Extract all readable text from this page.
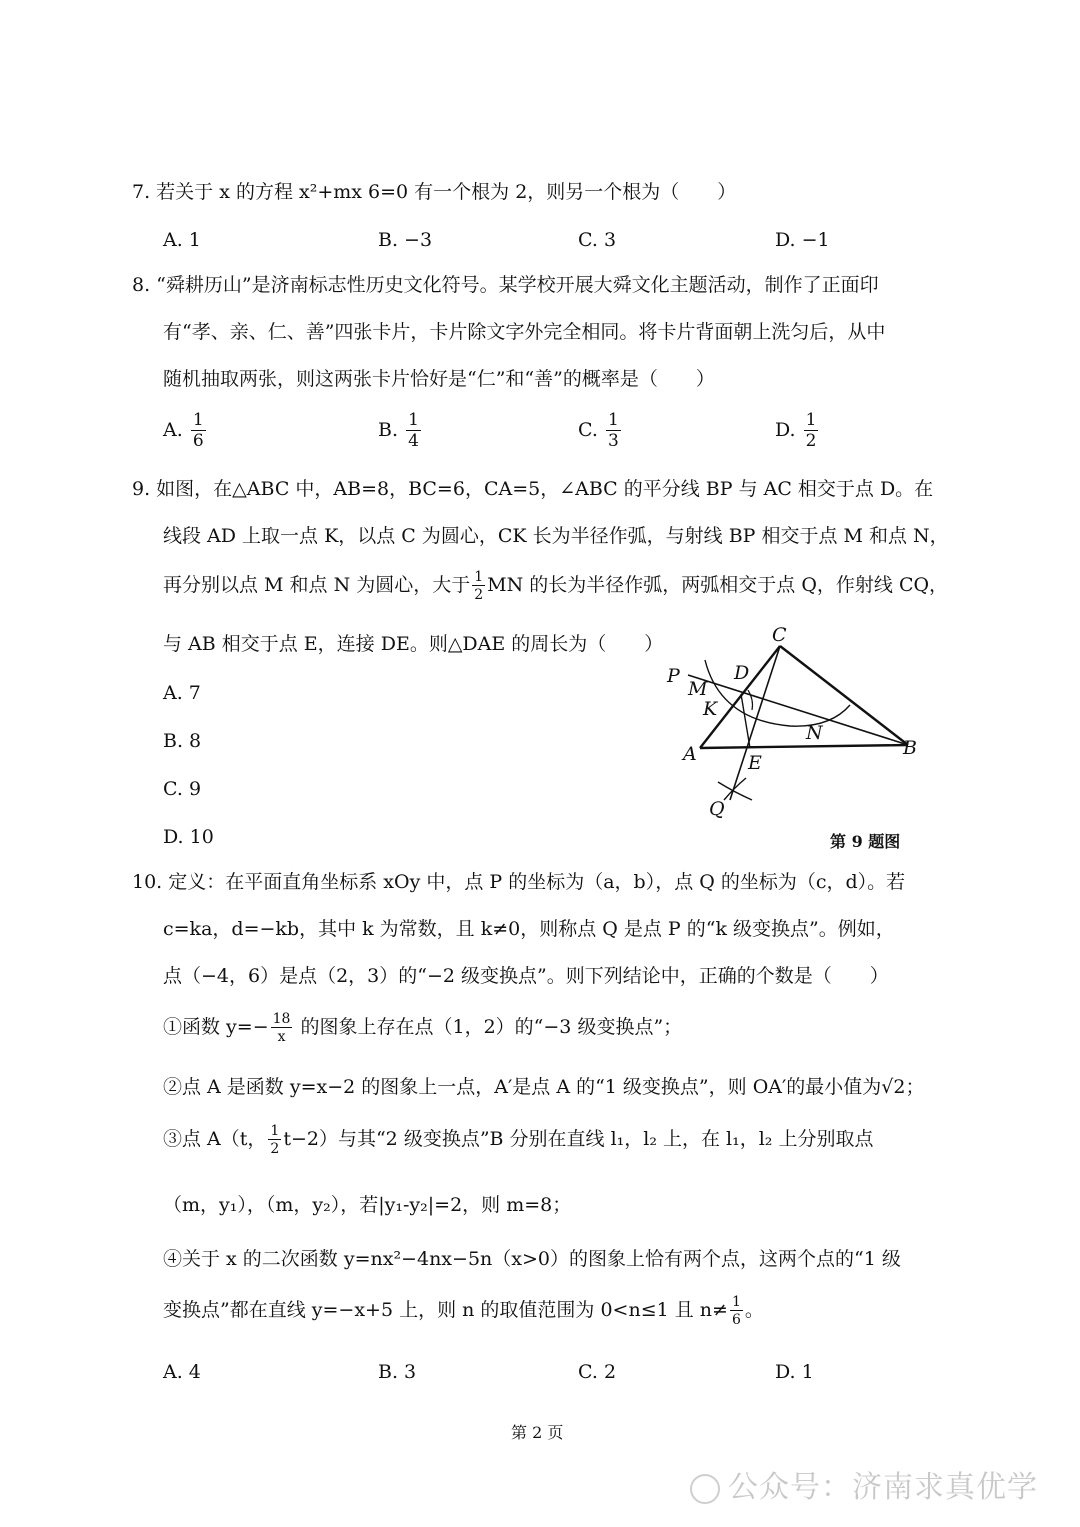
7. 若关于 x 的方程 x²+mx 6=0 有一个根为 2，则另一个根为（　　）
A. 1	B. −3	C. 3	D. −1
8. “舜耕历山”是济南标志性历史文化符号。某学校开展大舜文化主题活动，制作了正面印
有“孝、亲、仁、善”四张卡片，卡片除文字外完全相同。将卡片背面朝上洗匀后，从中
随机抽取两张，则这两张卡片恰好是“仁”和“善”的概率是（　　）
A. $\frac{1}{6}$	B. $\frac{1}{4}$	C. $\frac{1}{3}$	D. $\frac{1}{2}$
9. 如图，在△ABC 中，AB=8，BC=6，CA=5，∠ABC 的平分线 BP 与 AC 相交于点 D。在
线段 AD 上取一点 K，以点 C 为圆心，CK 长为半径作弧，与射线 BP 相交于点 M 和点 N，
再分别以点 M 和点 N 为圆心，大于 $\frac{1}{2}$ MN 的长为半径作弧，两弧相交于点 Q，作射线 CQ，
与 AB 相交于点 E，连接 DE。则△DAE 的周长为（　　）
A. 7
B. 8
C. 9
D. 10
C
P	D
M
K
N
A	E
B
Q
第 9 题图
10. 定义：在平面直角坐标系 xOy 中，点 P 的坐标为（a，b），点 Q 的坐标为（c，d）。若
c=ka，d=−kb，其中 k 为常数，且 k≠0，则称点 Q 是点 P 的“k 级变换点”。例如，
点（−4，6）是点（2，3）的“−2 级变换点”。则下列结论中，正确的个数是（　　）
①函数 $y=- \frac{18}{x}$ 的图象上存在点（1，2）的“−3 级变换点”；
②点 A 是函数 y=x−2 的图象上一点，A′是点 A 的“1 级变换点”，则 OA′的最小值为√2；
③点 A（t， $\frac{1}{2} t-2$）与其“2 级变换点”B 分别在直线 l₁，l₂ 上，在 l₁，l₂ 上分别取点
（m，y₁），（m，y₂），若|y₁-y₂|=2，则 m=8；
④关于 x 的二次函数 y=nx²−4nx−5n（x>0）的图象上恰有两个点，这两个点的“1 级
变换点”都在直线 y=−x+5 上，则 n 的取值范围为 0<n≤1 且 $n\ne \frac{1}{6}$ 。
A. 4	B. 3	C. 2	D. 1
第 2 页
公众号：济南求真优学
